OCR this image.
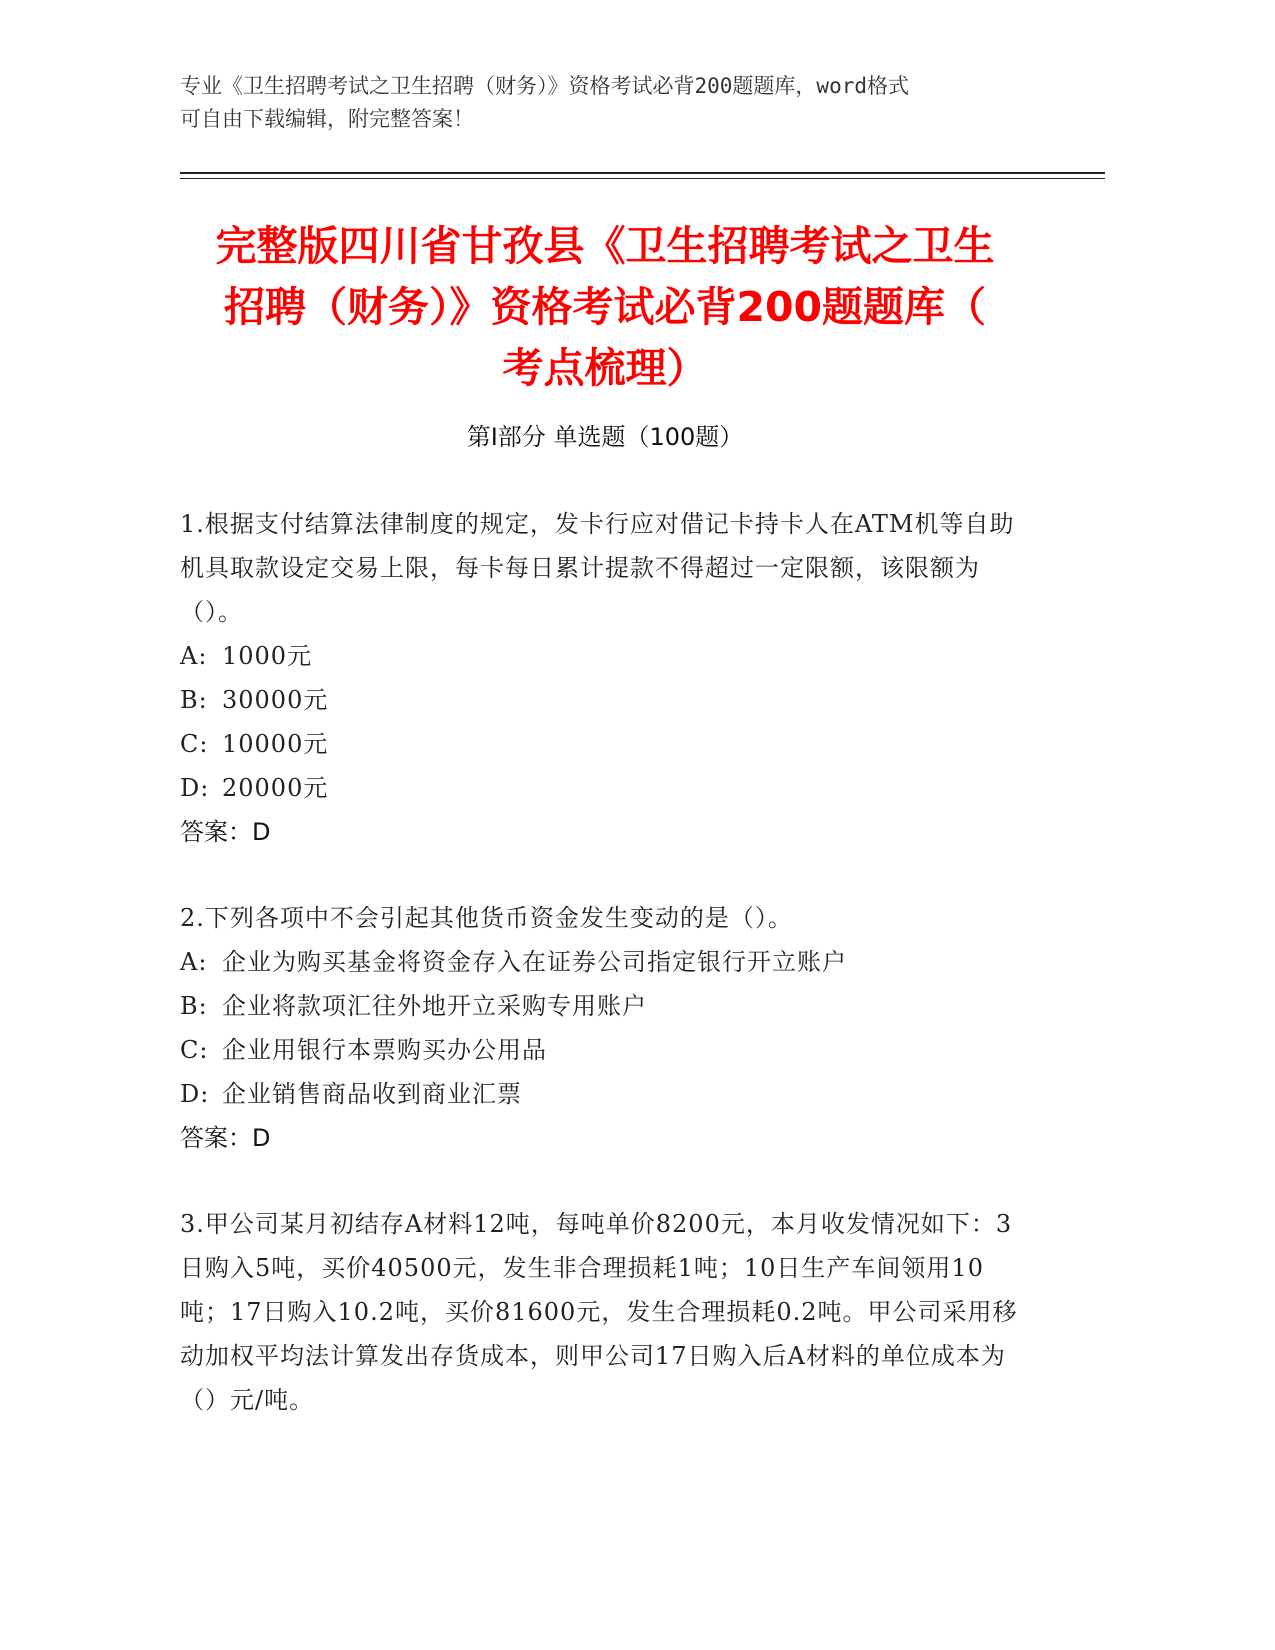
专业《卫生招聘考试之卫生招聘（财务）》资格考试必背200题题库，word格式
可自由下载编辑，附完整答案！
完整版四川省甘孜县《卫生招聘考试之卫生
招聘（财务）》资格考试必背200题题库（
考点梳理）
第Ⅰ部分 单选题（100题）
1.根据支付结算法律制度的规定，发卡行应对借记卡持卡人在ATM机等自助机具取款设定交易上限，每卡每日累计提款不得超过一定限额，该限额为（）。
A: 1000元
B: 30000元
C: 10000元
D: 20000元
答案：D
2.下列各项中不会引起其他货币资金发生变动的是（）。
A: 企业为购买基金将资金存入在证券公司指定银行开立账户
B: 企业将款项汇往外地开立采购专用账户
C: 企业用银行本票购买办公用品
D: 企业销售商品收到商业汇票
答案：D
3.甲公司某月初结存A材料12吨，每吨单价8200元，本月收发情况如下：3日购入5吨，买价40500元，发生非合理损耗1吨；10日生产车间领用10吨；17日购入10.2吨，买价81600元，发生合理损耗0.2吨。甲公司采用移动加权平均法计算发出存货成本，则甲公司17日购入后A材料的单位成本为（）元/吨。
